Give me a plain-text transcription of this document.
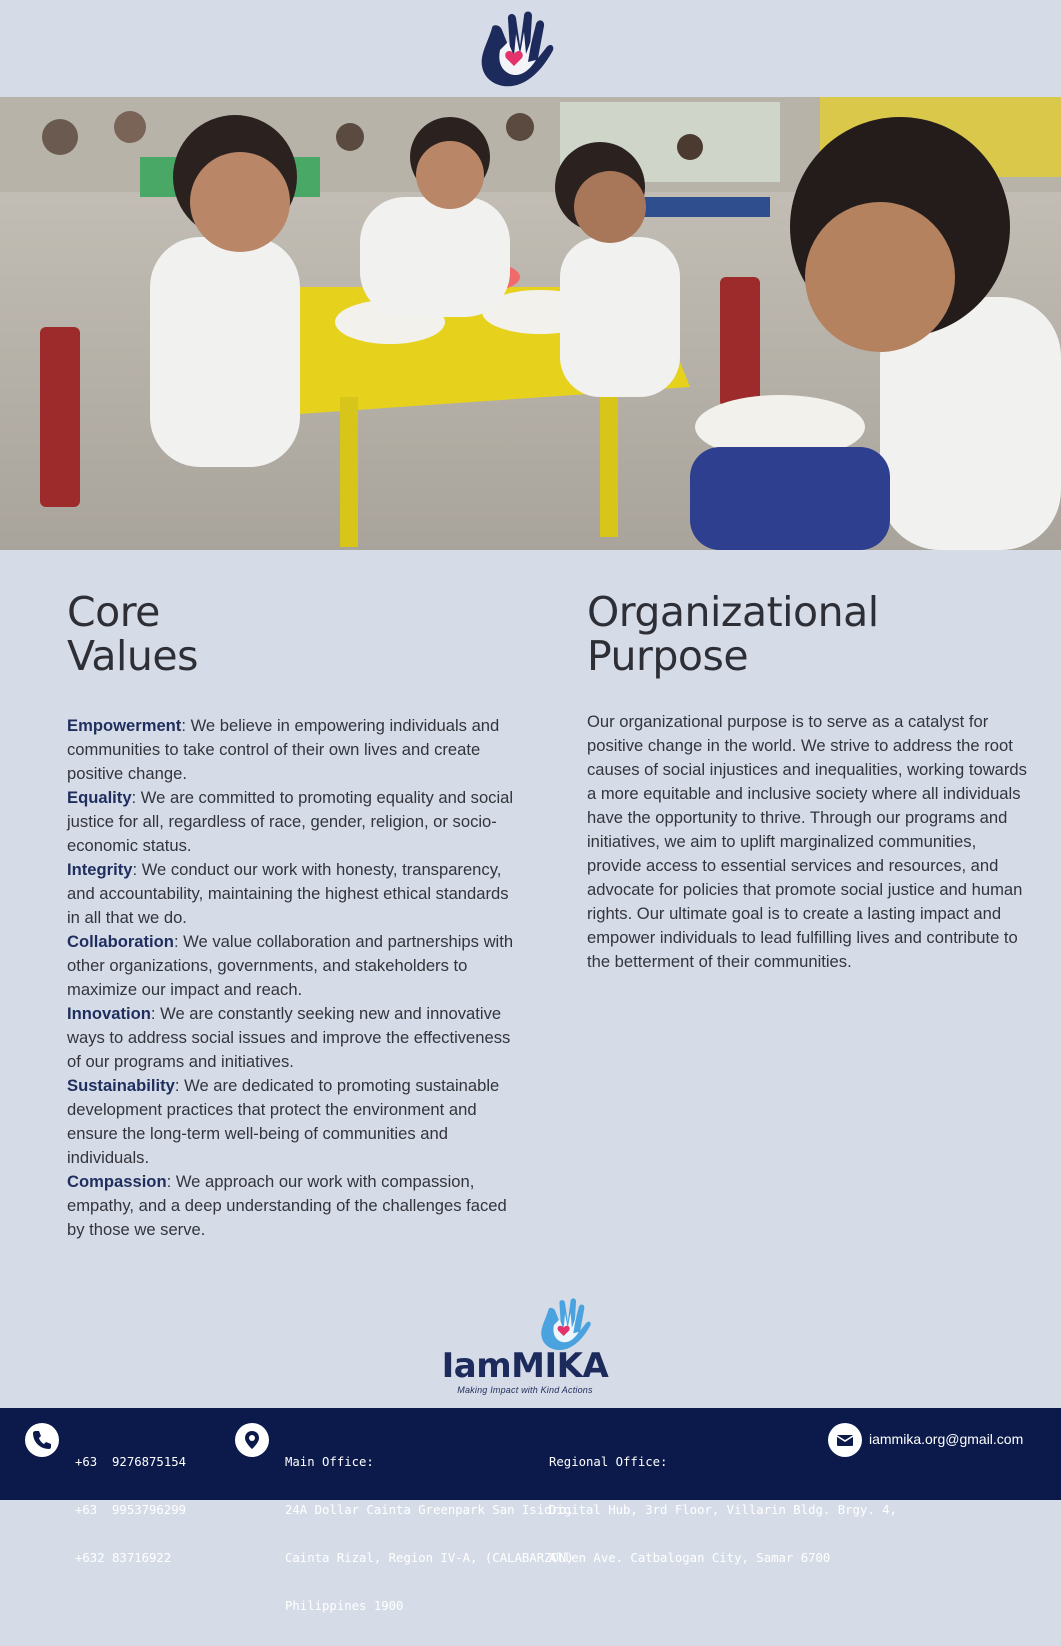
Core
Values

Empowerment: We believe in empowering individuals and communities to take control of their own lives and create positive change.

Equality: We are committed to promoting equality and social justice for all, regardless of race, gender, religion, or socio-economic status.

Integrity: We conduct our work with honesty, transparency, and accountability, maintaining the highest ethical standards in all that we do.

Collaboration: We value collaboration and partnerships with other organizations, governments, and stakeholders to maximize our impact and reach.

Innovation: We are constantly seeking new and innovative ways to address social issues and improve the effectiveness of our programs and initiatives.

Sustainability: We are dedicated to promoting sustainable development practices that protect the environment and ensure the long-term well-being of communities and individuals.

Compassion: We approach our work with compassion, empathy, and a deep understanding of the challenges faced by those we serve.

Organizational
Purpose

Our organizational purpose is to serve as a catalyst for positive change in the world. We strive to address the root causes of social injustices and inequalities, working towards a more equitable and inclusive society where all individuals have the opportunity to thrive. Through our programs and initiatives, we aim to uplift marginalized communities, provide access to essential services and resources, and advocate for policies that promote social justice and human rights. Our ultimate goal is to create a lasting impact and empower individuals to lead fulfilling lives and contribute to the betterment of their communities.

IamMIKA
Making Impact with Kind Actions

+63  9276875154

+63  9953796299

+632 83716922

Main Office:

24A Dollar Cainta Greenpark San Isidro,

Cainta Rizal, Region IV-A, (CALABARZON)

Philippines 1900

Regional Office:

Digital Hub, 3rd Floor, Villarin Bldg. Brgy. 4,

Allen Ave. Catbalogan City, Samar 6700

iammika.org@gmail.com
